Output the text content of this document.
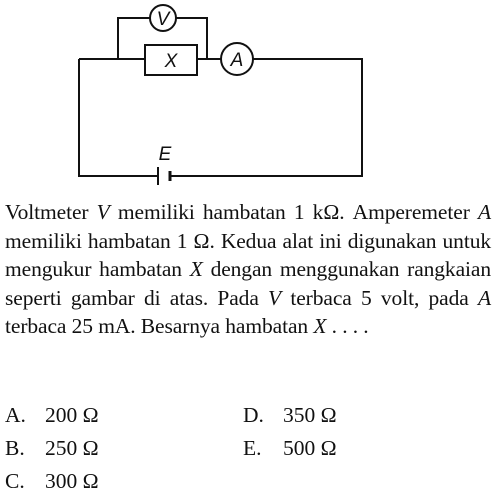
V
X	A
E
Voltmeter V memiliki hambatan 1 kΩ. Amperemeter A memiliki hambatan 1 Ω. Kedua alat ini digunakan untuk mengukur hambatan X dengan menggunakan rangkaian seperti gambar di atas. Pada V terbaca 5 volt, pada A terbaca 25 mA. Besarnya hambatan X . . . .
A. 200 Ω
B. 250 Ω
C. 300 Ω
D. 350 Ω
E. 500 Ω
